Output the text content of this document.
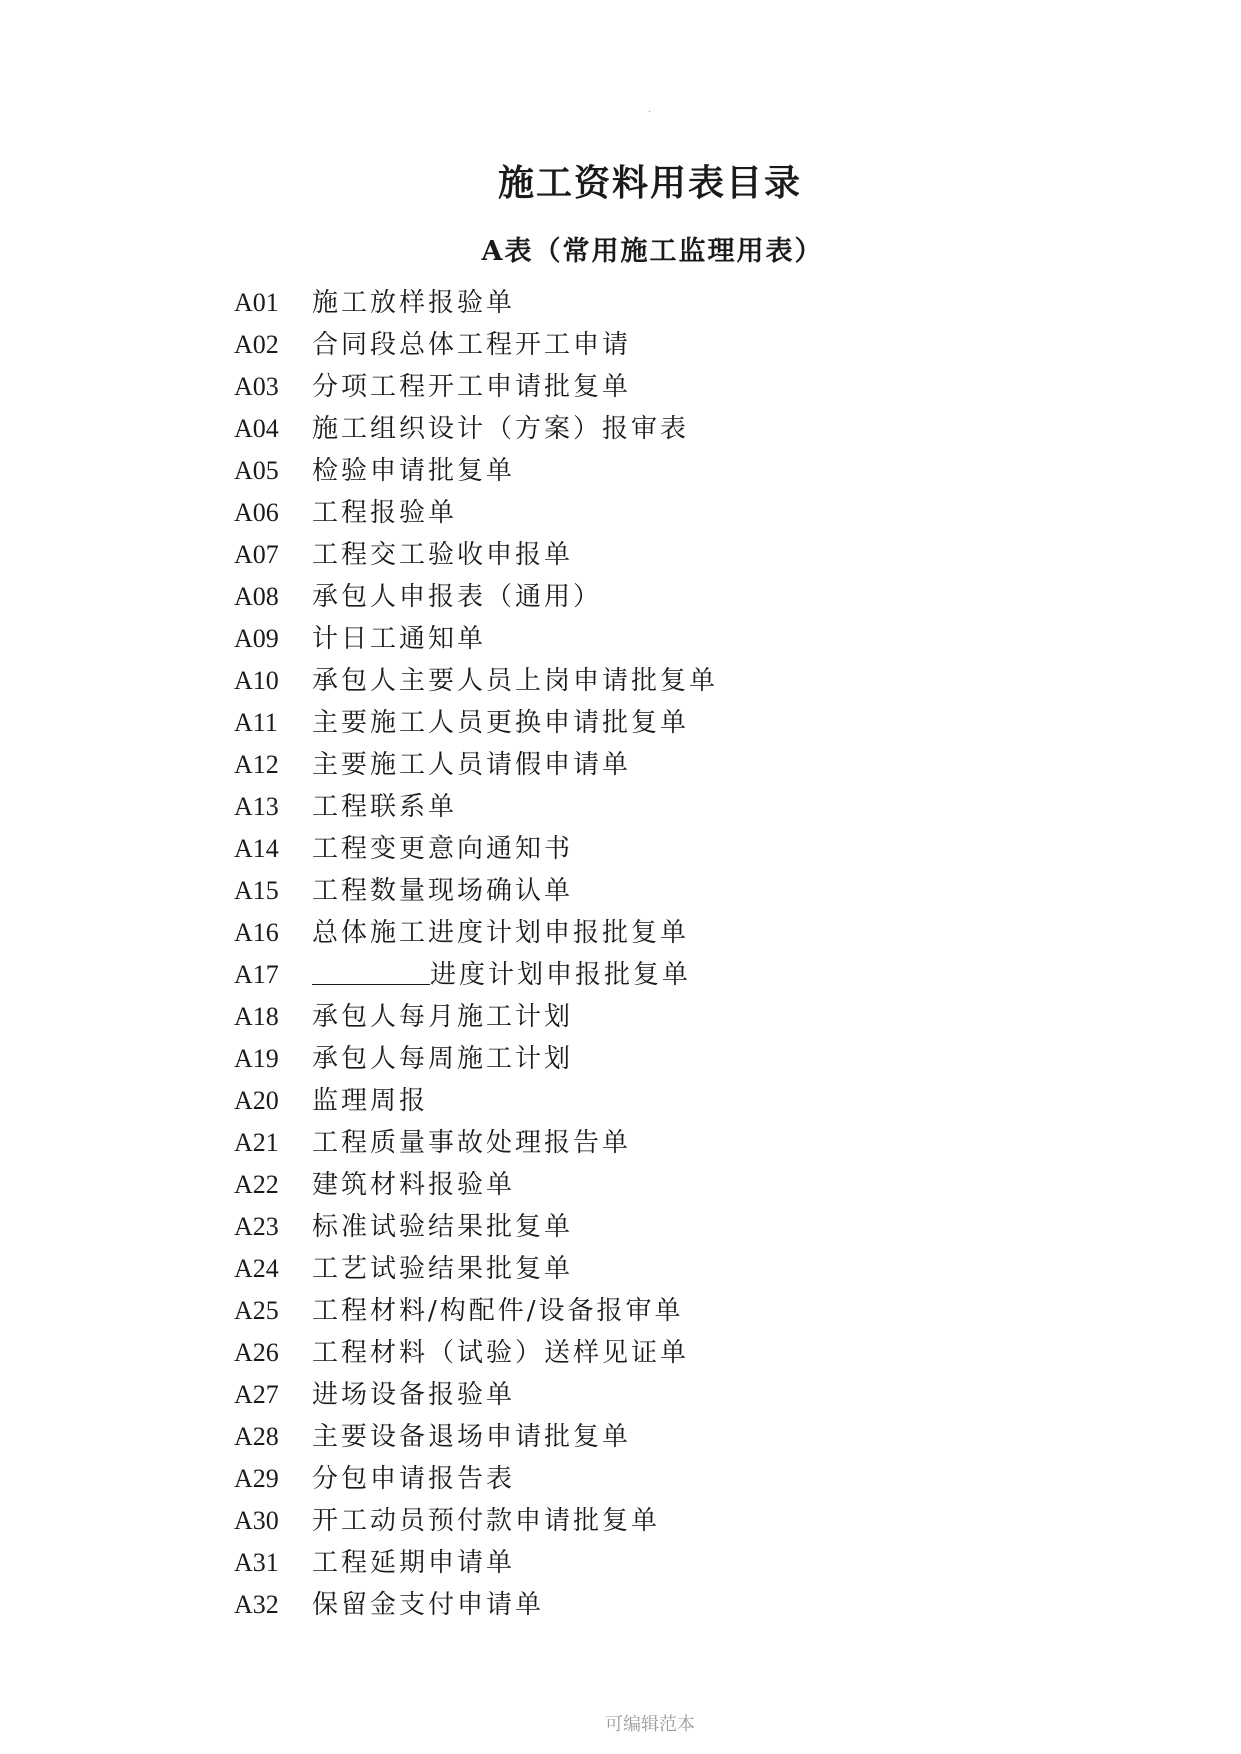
.
施工资料用表目录
A表（常用施工监理用表）
A01 施工放样报验单
A02 合同段总体工程开工申请
A03 分项工程开工申请批复单
A04 施工组织设计（方案）报审表
A05 检验申请批复单
A06 工程报验单
A07 工程交工验收申报单
A08 承包人申报表（通用）
A09 计日工通知单
A10 承包人主要人员上岗申请批复单
A11 主要施工人员更换申请批复单
A12 主要施工人员请假申请单
A13 工程联系单
A14 工程变更意向通知书
A15 工程数量现场确认单
A16 总体施工进度计划申报批复单
A17	进度计划申报批复单
A18 承包人每月施工计划
A19 承包人每周施工计划
A20 监理周报
A21 工程质量事故处理报告单
A22 建筑材料报验单
A23 标准试验结果批复单
A24 工艺试验结果批复单
A25 工程材料/构配件/设备报审单
A26 工程材料（试验）送样见证单
A27 进场设备报验单
A28 主要设备退场申请批复单
A29 分包申请报告表
A30 开工动员预付款申请批复单
A31 工程延期申请单
A32 保留金支付申请单
可编辑范本
